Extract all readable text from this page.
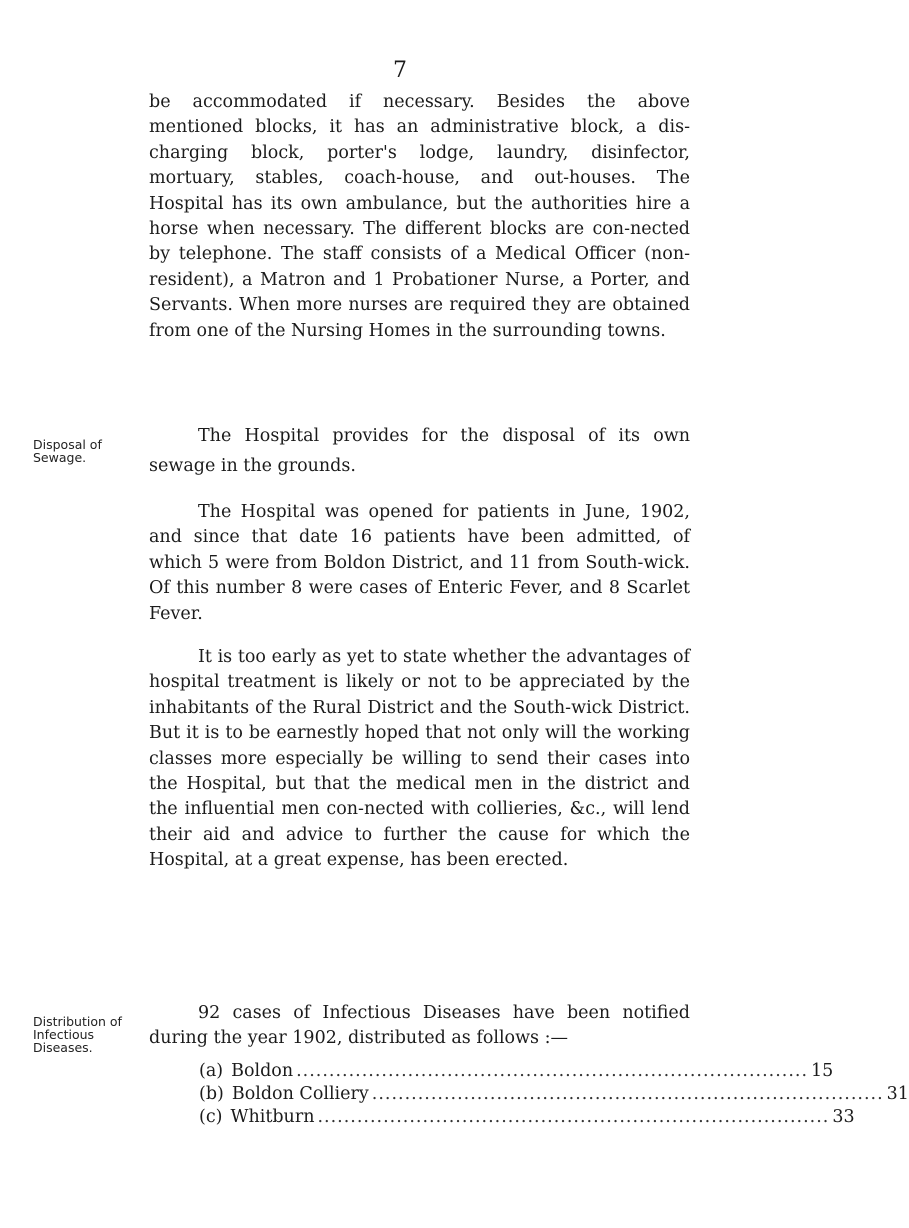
7

be accommodated if necessary. Besides the above mentioned blocks, it has an administrative block, a dis-charging block, porter's lodge, laundry, disinfector, mortuary, stables, coach-house, and out-houses. The Hospital has its own ambulance, but the authorities hire a horse when necessary. The different blocks are con-nected by telephone. The staff consists of a Medical Officer (non-resident), a Matron and 1 Probationer Nurse, a Porter, and Servants. When more nurses are required they are obtained from one of the Nursing Homes in the surrounding towns.

Disposal of
Sewage.

The Hospital provides for the disposal of its own sewage in the grounds.

The Hospital was opened for patients in June, 1902, and since that date 16 patients have been admitted, of which 5 were from Boldon District, and 11 from South-wick. Of this number 8 were cases of Enteric Fever, and 8 Scarlet Fever.

It is too early as yet to state whether the advantages of hospital treatment is likely or not to be appreciated by the inhabitants of the Rural District and the South-wick District. But it is to be earnestly hoped that not only will the working classes more especially be willing to send their cases into the Hospital, but that the medical men in the district and the influential men con-nected with collieries, &c., will lend their aid and advice to further the cause for which the Hospital, at a great expense, has been erected.

Distribution of
Infectious Diseases.

92 cases of Infectious Diseases have been notified during the year 1902, distributed as follows :—

(a) Boldon .............................................................................. 15
(b) Boldon Colliery .............................................................................. 31
(c) Whitburn .............................................................................. 33
